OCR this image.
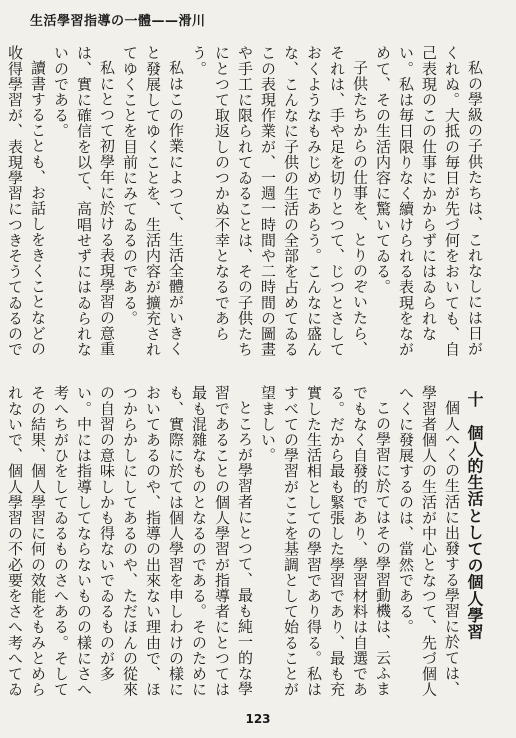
生活學習指導の一體——滑川
私の學級の子供たちは、これなしには日がくれぬ。大抵の毎日が先づ何をおいても、自己表現のこの仕事にかからずにはゐられない。私は毎日限りなく續けられる表現をながめて、その生活内容に驚いてゐる。
子供たちからの仕事を、とりのぞいたら、それは、手や足を切りとつて、じつとさしておくようなもみじめであらう。こんなに盛んな、こんなに子供の生活の全部を占めてゐるこの表現作業が、一週一時間や二時間の圖畫や手工に限られてゐることは、その子供たちにとつて取返しのつかぬ不幸となるであらう。
私はこの作業によつて、生活全體がいきくと發展してゆくことを、生活内容が擴充されてゆくことを目前にみてゐるのである。
私にとつて初學年に於ける表現學習の意重は、實に確信を以て、高唱せずにはゐられないのである。
讀書することも、お話しをきくことなどの收得學習が、表現學習につきそうてゐるので
十　個人的生活としての個人學習
個人へくの生活に出發する學習に於ては、學習者個人の生活が中心となつて、先づ個人へくに發展するのは、當然である。
この學習に於てはその學習動機は、云ふまでもなく自發的であり、學習材料は自選である。だから最も緊張した學習であり、最も充實した生活相としての學習であり得る。私はすべての學習がここを基調として始ることが望ましい。
ところが學習者にとつて、最も純一的な學習であることの個人學習が指導者にとつては最も混雜なものとなるのである。そのためにも、實際に於ては個人學習を申しわけの樣においてあるのや、指導の出來ない理由で、ほつからかしにしてあるのや、ただほんの從來の自習の意味しかも得ないでゐるものが多い。中には指導してならないものの樣にさへ考へちがひをしてゐるものさへある。そしてその結果、個人學習に何の效能をもみとめられないで、個人學習の不必要をさへ考へてゐ
123
